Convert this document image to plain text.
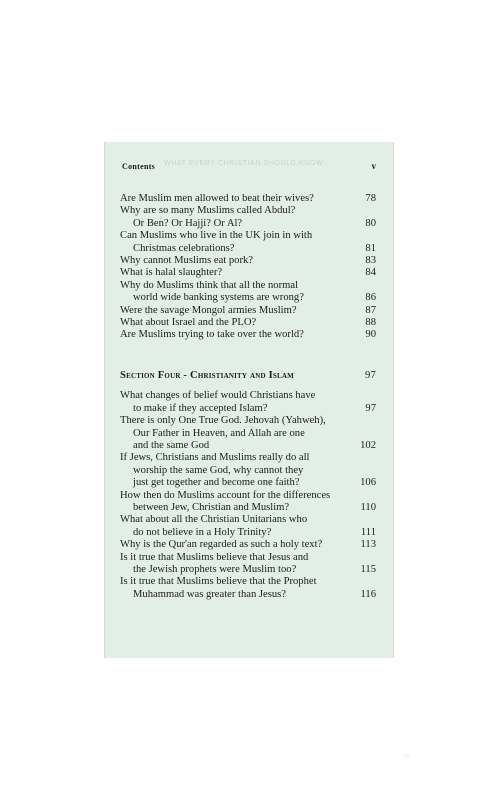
WHAT EVERY CHRISTIAN SHOULD KNOW
Contents	v
Are Muslim men allowed to beat their wives?	78
Why are so many Muslims called Abdul?
Or Ben? Or Hajji? Or Al?	80
Can Muslims who live in the UK join in with
Christmas celebrations?	81
Why cannot Muslims eat pork?	83
What is halal slaughter?	84
Why do Muslims think that all the normal
world wide banking systems are wrong?	86
Were the savage Mongol armies Muslim?	87
What about Israel and the PLO?	88
Are Muslims trying to take over the world?	90
Section Four - Christianity and Islam	97
What changes of belief would Christians have
to make if they accepted Islam?	97
There is only One True God. Jehovah (Yahweh),
Our Father in Heaven, and Allah are one
and the same God	102
If Jews, Christians and Muslims really do all
worship the same God, why cannot they
just get together and become one faith?	106
How then do Muslims account for the differences
between Jew, Christian and Muslim?	110
What about all the Christian Unitarians who
do not believe in a Holy Trinity?	111
Why is the Qur'an regarded as such a holy text?	113
Is it true that Muslims believe that Jesus and
the Jewish prophets were Muslim too?	115
Is it true that Muslims believe that the Prophet
Muhammad was greater than Jesus?	116
